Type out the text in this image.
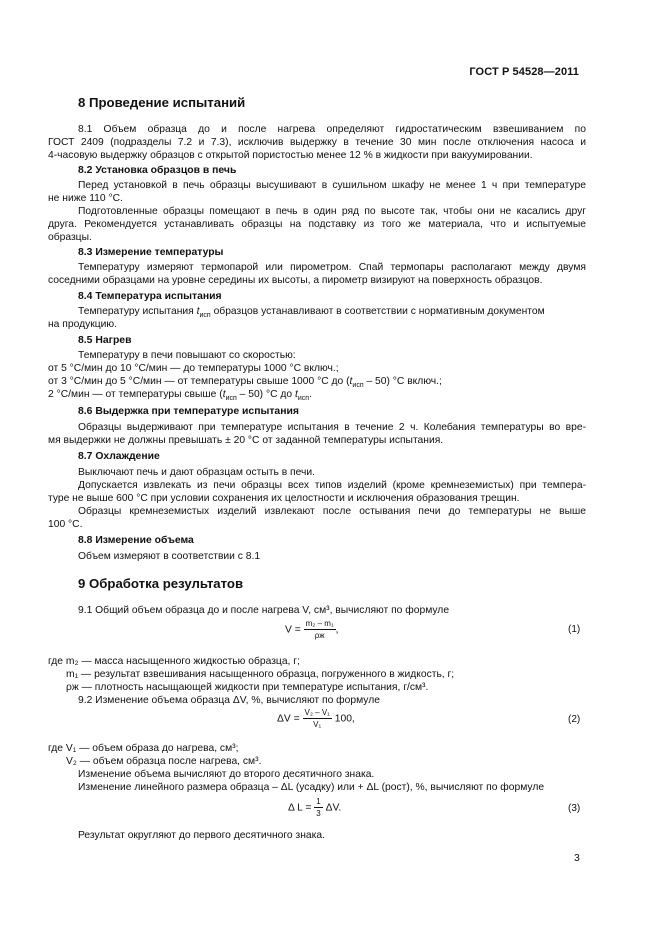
ГОСТ Р 54528—2011
8 Проведение испытаний
8.1 Объем образца до и после нагрева определяют гидростатическим взвешиванием по
ГОСТ 2409 (подразделы 7.2 и 7.3), исключив выдержку в течение 30 мин после отключения насоса и
4-часовую выдержку образцов с открытой пористостью менее 12 % в жидкости при вакуумировании.
8.2 Установка образцов в печь
Перед установкой в печь образцы высушивают в сушильном шкафу не менее 1 ч при температуре
не ниже 110 °С.
Подготовленные образцы помещают в печь в один ряд по высоте так, чтобы они не касались друг
друга. Рекомендуется устанавливать образцы на подставку из того же материала, что и испытуемые
образцы.
8.3 Измерение температуры
Температуру измеряют термопарой или пирометром. Спай термопары располагают между двумя
соседними образцами на уровне середины их высоты, а пирометр визируют на поверхность образцов.
8.4 Температура испытания
Температуру испытания $t_{исп}$ образцов устанавливают в соответствии с нормативным документом
на продукцию.
8.5 Нагрев
Температуру в печи повышают со скоростью:
от 5 °С/мин до 10 °С/мин — до температуры 1000 °С включ.;
от 3 °С/мин до 5 °С/мин — от температуры свыше 1000 °С до $(t_{исп} - 50)$ °С включ.;
2 °С/мин — от температуры свыше $(t_{исп} - 50)$ °С до $t_{исп}$.
8.6 Выдержка при температуре испытания
Образцы выдерживают при температуре испытания в течение 2 ч. Колебания температуры во вре-
мя выдержки не должны превышать ± 20 °С от заданной температуры испытания.
8.7 Охлаждение
Выключают печь и дают образцам остыть в печи.
Допускается извлекать из печи образцы всех типов изделий (кроме кремнеземистых) при темпера-
туре не выше 600 °С при условии сохранения их целостности и исключения образования трещин.
Образцы кремнеземистых изделий извлекают после остывания печи до температуры не выше
100 °С.
8.8 Измерение объема
Объем измеряют в соответствии с 8.1
9 Обработка результатов
9.1 Общий объем образца до и после нагрева V, см³, вычисляют по формуле
$V = \frac{\text{m₂ – m₁}}{\rho ж}$ ,	(1)
где m₂ — масса насыщенного жидкостью образца, г;
m₁ — результат взвешивания насыщенного образца, погруженного в жидкость, г;
ρж — плотность насыщающей жидкости при температуре испытания, г/см³.
9.2 Изменение объема образца ΔV, %, вычисляют по формуле
$\Delta V = \frac{\text{V₂ – V₁}}{\text{V₁}} 100$,	(2)
где V₁ — объем образа до нагрева, см³;
V₂ — объем образца после нагрева, см³.
Изменение объема вычисляют до второго десятичного знака.
Изменение линейного размера образца – ΔL (усадку) или + ΔL (рост), %, вычисляют по формуле
Δ $L = \frac{1}{3} \Delta V$.	(3)
Результат округляют до первого десятичного знака.
3
